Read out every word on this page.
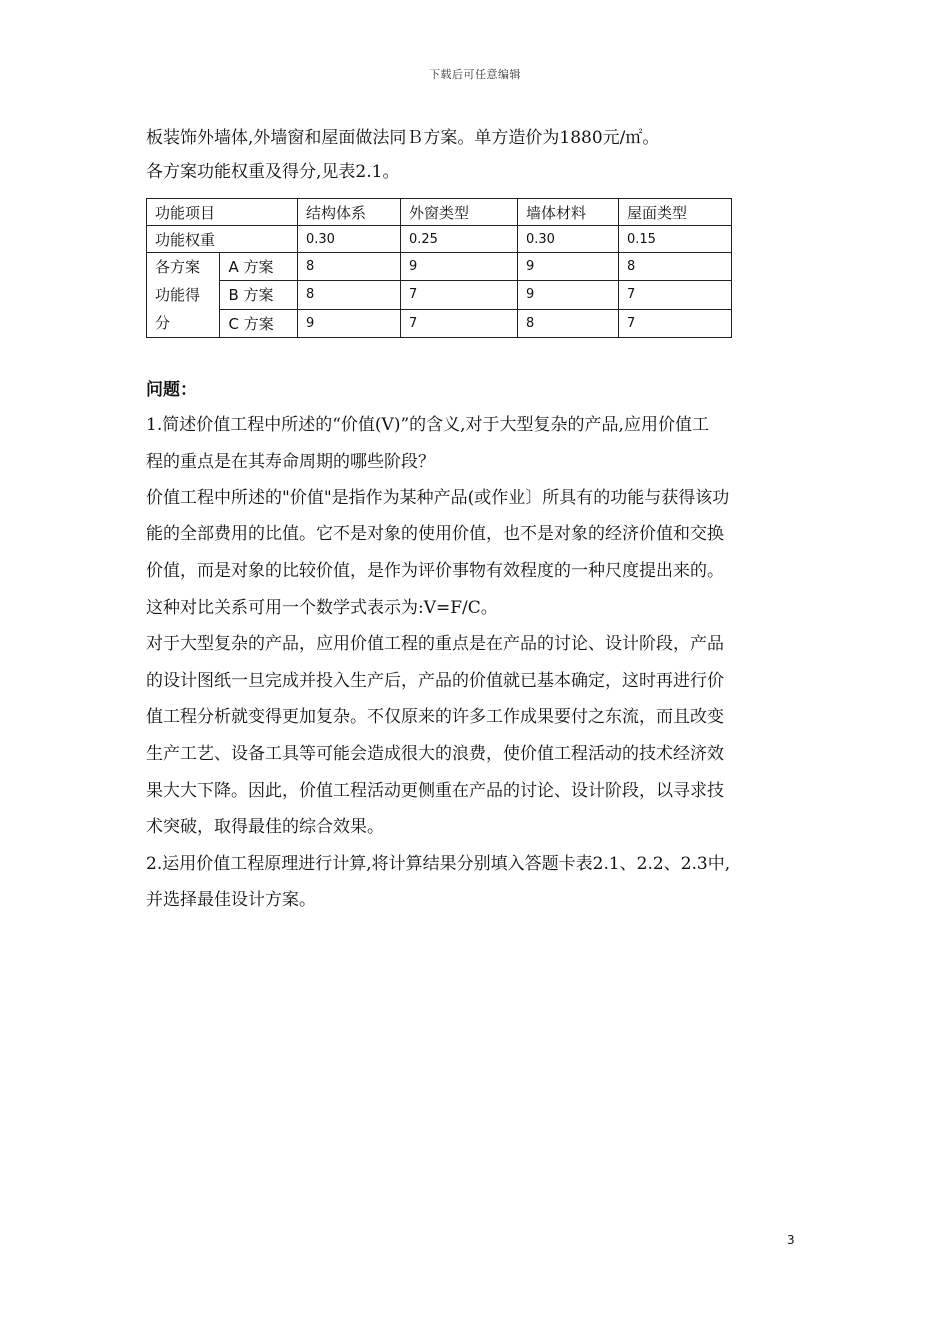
下载后可任意编辑
板装饰外墙体,外墙窗和屋面做法同Ｂ方案。单方造价为1880元/㎡。
各方案功能权重及得分,见表2.1。
功能项目		结构体系	外窗类型	墙体材料	屋面类型
功能权重		0.30	0.25	0.30	0.15

各方案
功能得
分	A 方案	8	9	9	8
	B 方案	8	7	9	7
	C 方案	9	7	8	7
问题：
1.简述价值工程中所述的“价值(V)”的含义,对于大型复杂的产品,应用价值工
程的重点是在其寿命周期的哪些阶段？
价值工程中所述的"价值"是指作为某种产品(或作业〕所具有的功能与获得该功
能的全部费用的比值。它不是对象的使用价值，也不是对象的经济价值和交换
价值，而是对象的比较价值，是作为评价事物有效程度的一种尺度提出来的。
这种对比关系可用一个数学式表示为:V=F/C。
对于大型复杂的产品，应用价值工程的重点是在产品的讨论、设计阶段，产品
的设计图纸一旦完成并投入生产后，产品的价值就已基本确定，这时再进行价
值工程分析就变得更加复杂。不仅原来的许多工作成果要付之东流，而且改变
生产工艺、设备工具等可能会造成很大的浪费，使价值工程活动的技术经济效
果大大下降。因此，价值工程活动更侧重在产品的讨论、设计阶段，以寻求技
术突破，取得最佳的综合效果。
2.运用价值工程原理进行计算,将计算结果分别填入答题卡表2.1、2.2、2.3中,
并选择最佳设计方案。
3
